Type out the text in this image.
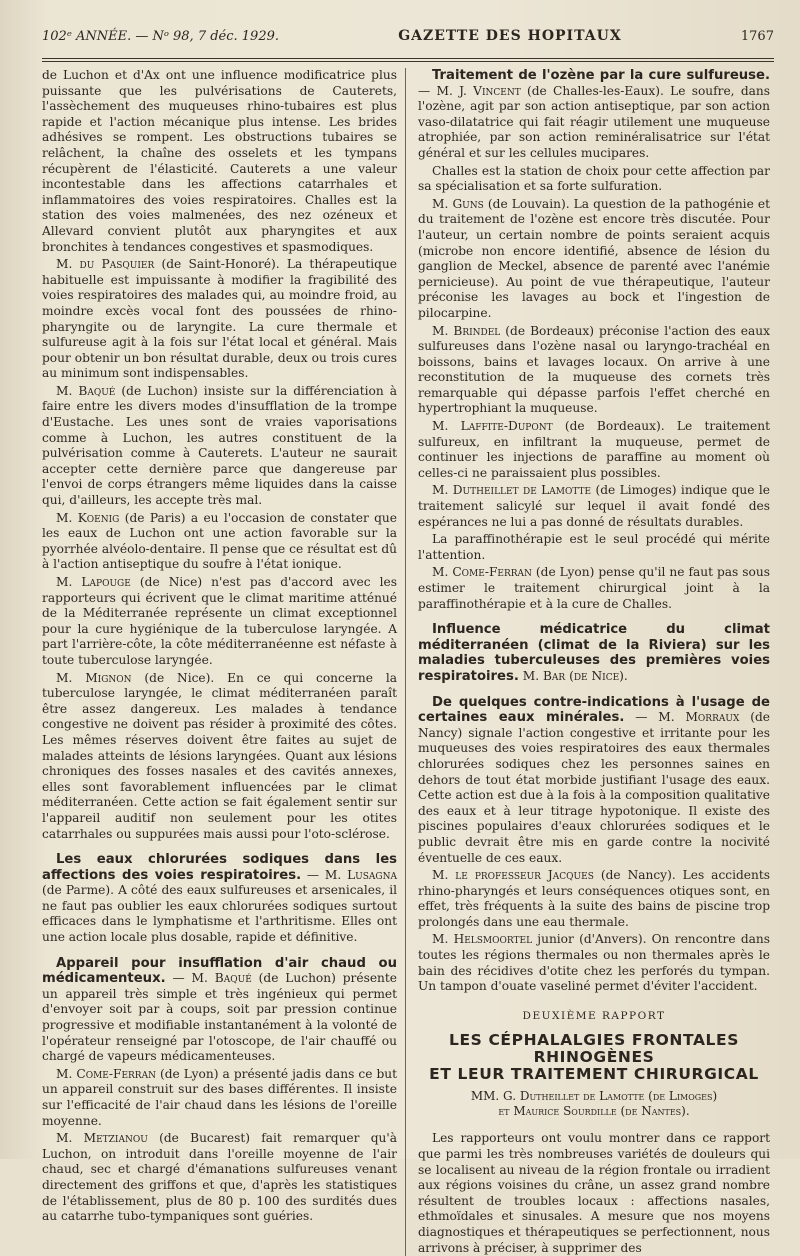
102ᵉ ANNÉE. — Nᵒ 98, 7 déc. 1929.	GAZETTE DES HOPITAUX	1767

de Luchon et d'Ax ont une influence modificatrice plus puissante que les pulvérisations de Cauterets, l'assèchement des muqueuses rhino-tubaires est plus rapide et l'action mécanique plus intense. Les brides adhésives se rompent. Les obstructions tubaires se relâchent, la chaîne des osselets et les tympans récupèrent de l'élasticité. Cauterets a une valeur incontestable dans les affections catarrhales et inflammatoires des voies respiratoires. Challes est la station des voies malmenées, des nez ozéneux et Allevard convient plutôt aux pharyngites et aux bronchites à tendances congestives et spasmodiques.

M. du Pasquier (de Saint-Honoré). La thérapeutique habituelle est impuissante à modifier la fragibilité des voies respiratoires des malades qui, au moindre froid, au moindre excès vocal font des poussées de rhino-pharyngite ou de laryngite. La cure thermale et sulfureuse agit à la fois sur l'état local et général. Mais pour obtenir un bon résultat durable, deux ou trois cures au minimum sont indispensables.

M. Baqué (de Luchon) insiste sur la différenciation à faire entre les divers modes d'insufflation de la trompe d'Eustache. Les unes sont de vraies vaporisations comme à Luchon, les autres constituent de la pulvérisation comme à Cauterets. L'auteur ne saurait accepter cette dernière parce que dangereuse par l'envoi de corps étrangers même liquides dans la caisse qui, d'ailleurs, les accepte très mal.

M. Koenig (de Paris) a eu l'occasion de constater que les eaux de Luchon ont une action favorable sur la pyorrhée alvéolo-dentaire. Il pense que ce résultat est dû à l'action antiseptique du soufre à l'état ionique.

M. Lapouge (de Nice) n'est pas d'accord avec les rapporteurs qui écrivent que le climat maritime atténué de la Méditerranée représente un climat exceptionnel pour la cure hygiénique de la tuberculose laryngée. A part l'arrière-côte, la côte méditerranéenne est néfaste à toute tuberculose laryngée.

M. Mignon (de Nice). En ce qui concerne la tuberculose laryngée, le climat méditerranéen paraît être assez dangereux. Les malades à tendance congestive ne doivent pas résider à proximité des côtes. Les mêmes réserves doivent être faites au sujet de malades atteints de lésions laryngées. Quant aux lésions chroniques des fosses nasales et des cavités annexes, elles sont favorablement influencées par le climat méditerranéen. Cette action se fait également sentir sur l'appareil auditif non seulement pour les otites catarrhales ou suppurées mais aussi pour l'oto-sclérose.

Les eaux chlorurées sodiques dans les affections des voies respiratoires. — M. Lusagna (de Parme). A côté des eaux sulfureuses et arsenicales, il ne faut pas oublier les eaux chlorurées sodiques surtout efficaces dans le lymphatisme et l'arthritisme. Elles ont une action locale plus dosable, rapide et définitive.

Appareil pour insufflation d'air chaud ou médicamenteux. — M. Baqué (de Luchon) présente un appareil très simple et très ingénieux qui permet d'envoyer soit par à coups, soit par pression continue progressive et modifiable instantanément à la volonté de l'opérateur renseigné par l'otoscope, de l'air chauffé ou chargé de vapeurs médicamenteuses.

M. Come-Ferran (de Lyon) a présenté jadis dans ce but un appareil construit sur des bases différentes. Il insiste sur l'efficacité de l'air chaud dans les lésions de l'oreille moyenne.

M. Metzianou (de Bucarest) fait remarquer qu'à Luchon, on introduit dans l'oreille moyenne de l'air chaud, sec et chargé d'émanations sulfureuses venant directement des griffons et que, d'après les statistiques de l'établissement, plus de 80 p. 100 des surdités dues au catarrhe tubo-tympaniques sont guéries.

Traitement de l'ozène par la cure sulfureuse. — M. J. Vincent (de Challes-les-Eaux). Le soufre, dans l'ozène, agit par son action antiseptique, par son action vaso-dilatatrice qui fait réagir utilement une muqueuse atrophiée, par son action reminéralisatrice sur l'état général et sur les cellules mucipares.

Challes est la station de choix pour cette affection par sa spécialisation et sa forte sulfuration.

M. Guns (de Louvain). La question de la pathogénie et du traitement de l'ozène est encore très discutée. Pour l'auteur, un certain nombre de points seraient acquis (microbe non encore identifié, absence de lésion du ganglion de Meckel, absence de parenté avec l'anémie pernicieuse). Au point de vue thérapeutique, l'auteur préconise les lavages au bock et l'ingestion de pilocarpine.

M. Brindel (de Bordeaux) préconise l'action des eaux sulfureuses dans l'ozène nasal ou laryngo-trachéal en boissons, bains et lavages locaux. On arrive à une reconstitution de la muqueuse des cornets très remarquable qui dépasse parfois l'effet cherché en hypertrophiant la muqueuse.

M. Laffite-Dupont (de Bordeaux). Le traitement sulfureux, en infiltrant la muqueuse, permet de continuer les injections de paraffine au moment où celles-ci ne paraissaient plus possibles.

M. Dutheillet de Lamotte (de Limoges) indique que le traitement salicylé sur lequel il avait fondé des espérances ne lui a pas donné de résultats durables.

La paraffinothérapie est le seul procédé qui mérite l'attention.

M. Come-Ferran (de Lyon) pense qu'il ne faut pas sous estimer le traitement chirurgical joint à la paraffinothérapie et à la cure de Challes.

Influence médicatrice du climat méditerranéen (climat de la Riviera) sur les maladies tuberculeuses des premières voies respiratoires. M. Bar (de Nice).

De quelques contre-indications à l'usage de certaines eaux minérales. — M. Morraux (de Nancy) signale l'action congestive et irritante pour les muqueuses des voies respiratoires des eaux thermales chlorurées sodiques chez les personnes saines en dehors de tout état morbide justifiant l'usage des eaux. Cette action est due à la fois à la composition qualitative des eaux et à leur titrage hypotonique. Il existe des piscines populaires d'eaux chlorurées sodiques et le public devrait être mis en garde contre la nocivité éventuelle de ces eaux.

M. le professeur Jacques (de Nancy). Les accidents rhino-pharyngés et leurs conséquences otiques sont, en effet, très fréquents à la suite des bains de piscine trop prolongés dans une eau thermale.

M. Helsmoortel junior (d'Anvers). On rencontre dans toutes les régions thermales ou non thermales après le bain des récidives d'otite chez les perforés du tympan. Un tampon d'ouate vaseliné permet d'éviter l'accident.

DEUXIÈME RAPPORT
LES CÉPHALALGIES FRONTALES RHINOGÈNES
ET LEUR TRAITEMENT CHIRURGICAL
MM. G. Dutheillet de Lamotte (de Limoges)
et Maurice Sourdille (de Nantes).

Les rapporteurs ont voulu montrer dans ce rapport que parmi les très nombreuses variétés de douleurs qui se localisent au niveau de la région frontale ou irradient aux régions voisines du crâne, un assez grand nombre résultent de troubles locaux : affections nasales, ethmoïdales et sinusales. A mesure que nos moyens diagnostiques et thérapeutiques se perfectionnent, nous arrivons à préciser, à supprimer des
